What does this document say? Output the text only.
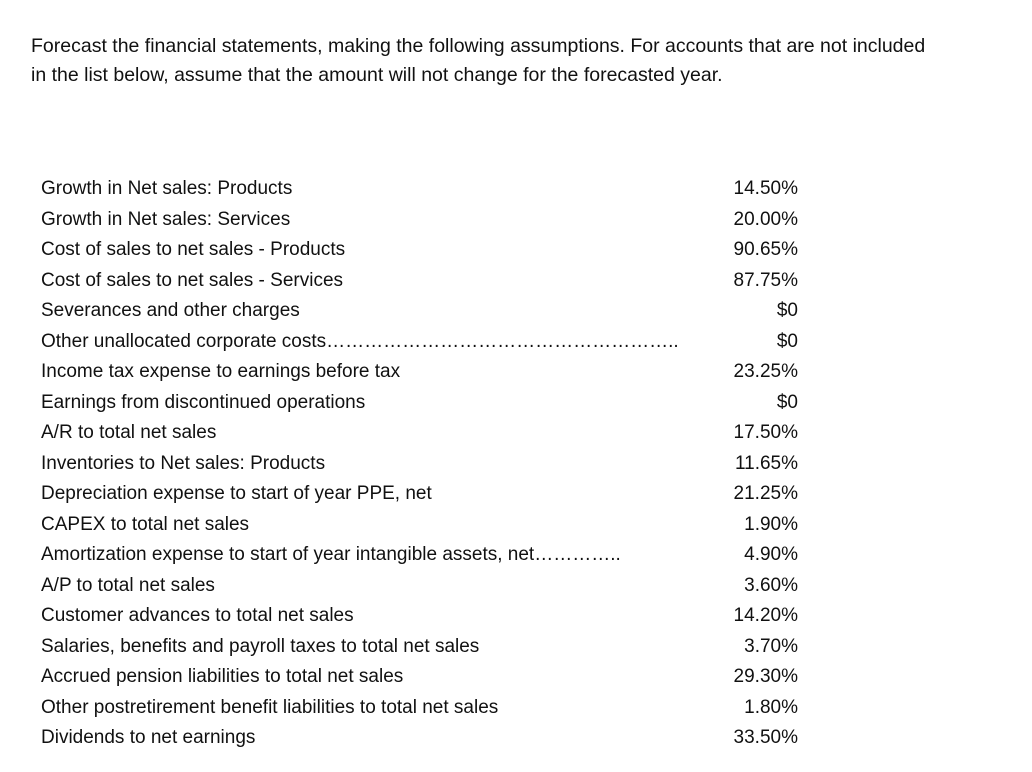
Forecast the financial statements, making the following assumptions. For accounts that are not included
in the list below, assume that the amount will not change for the forecasted year.

Growth in Net sales: Products	14.50%
Growth in Net sales: Services	20.00%
Cost of sales to net sales - Products	90.65%
Cost of sales to net sales - Services	87.75%
Severances and other charges	$0
Other unallocated corporate costs………………………………………………..	$0
Income tax expense to earnings before tax	23.25%
Earnings from discontinued operations	$0
A/R to total net sales	17.50%
Inventories to Net sales: Products	11.65%
Depreciation expense to start of year PPE, net	21.25%
CAPEX to total net sales	1.90%
Amortization expense to start of year intangible assets, net…………..	4.90%
A/P to total net sales	3.60%
Customer advances to total net sales	14.20%
Salaries, benefits and payroll taxes to total net sales	3.70%
Accrued pension liabilities to total net sales	29.30%
Other postretirement benefit liabilities to total net sales	1.80%
Dividends to net earnings	33.50%
